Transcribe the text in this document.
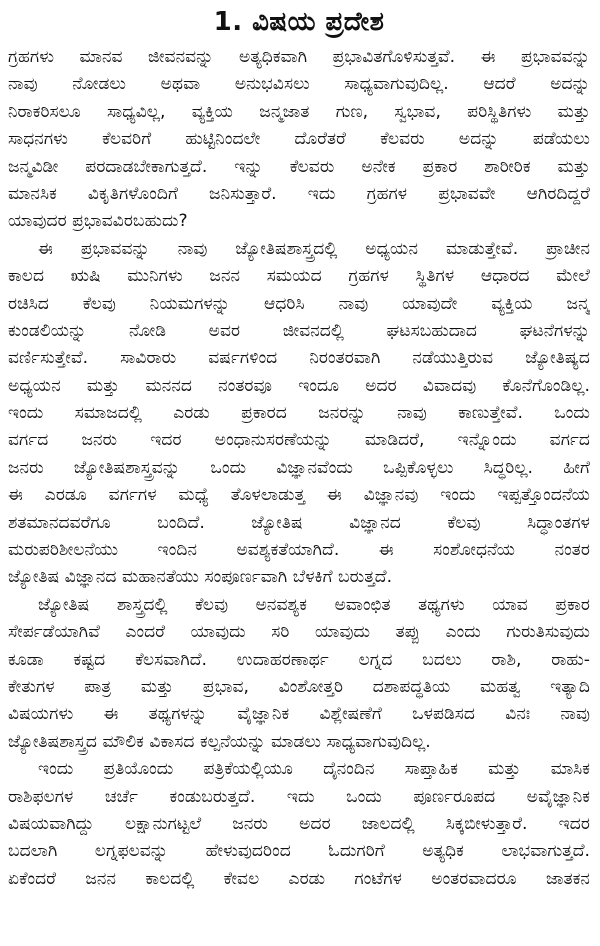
1. ವಿಷಯ ಪ್ರದೇಶ
ಗ್ರಹಗಳು ಮಾನವ ಜೀವನವನ್ನು ಅತ್ಯಧಿಕವಾಗಿ ಪ್ರಭಾವಿತಗೊಳಿಸುತ್ತವೆ. ಈ ಪ್ರಭಾವವನ್ನು
ನಾವು ನೋಡಲು ಅಥವಾ ಅನುಭವಿಸಲು ಸಾಧ್ಯವಾಗುವುದಿಲ್ಲ. ಆದರೆ ಅದನ್ನು
ನಿರಾಕರಿಸಲೂ ಸಾಧ್ಯವಿಲ್ಲ, ವ್ಯಕ್ತಿಯ ಜನ್ಮಜಾತ ಗುಣ, ಸ್ವಭಾವ, ಪರಿಸ್ಥಿತಿಗಳು ಮತ್ತು
ಸಾಧನಗಳು ಕೆಲವರಿಗೆ ಹುಟ್ಟಿನಿಂದಲೇ ದೊರೆತರೆ ಕೆಲವರು ಅದನ್ನು ಪಡೆಯಲು
ಜನ್ಮವಿಡೀ ಪರದಾಡಬೇಕಾಗುತ್ತದೆ. ಇನ್ನು ಕೆಲವರು ಅನೇಕ ಪ್ರಕಾರ ಶಾರೀರಿಕ ಮತ್ತು
ಮಾನಸಿಕ ವಿಕೃತಿಗಳೊಂದಿಗೆ ಜನಿಸುತ್ತಾರೆ. ಇದು ಗ್ರಹಗಳ ಪ್ರಭಾವವೇ ಆಗಿರದಿದ್ದರೆ
ಯಾವುದರ ಪ್ರಭಾವವಿರಬಹುದು?
ಈ ಪ್ರಭಾವವನ್ನು ನಾವು ಜ್ಯೋತಿಷಶಾಸ್ತ್ರದಲ್ಲಿ ಅಧ್ಯಯನ ಮಾಡುತ್ತೇವೆ. ಪ್ರಾಚೀನ
ಕಾಲದ ಋಷಿ ಮುನಿಗಳು ಜನನ ಸಮಯದ ಗ್ರಹಗಳ ಸ್ಥಿತಿಗಳ ಆಧಾರದ ಮೇಲೆ
ರಚಿಸಿದ ಕೆಲವು ನಿಯಮಗಳನ್ನು ಆಧರಿಸಿ ನಾವು ಯಾವುದೇ ವ್ಯಕ್ತಿಯ ಜನ್ಮ
ಕುಂಡಲಿಯನ್ನು ನೋಡಿ ಅವರ ಜೀವನದಲ್ಲಿ ಘಟಸಬಹುದಾದ ಘಟನೆಗಳನ್ನು
ವರ್ಣಿಸುತ್ತೇವೆ. ಸಾವಿರಾರು ವರ್ಷಗಳಿಂದ ನಿರಂತರವಾಗಿ ನಡೆಯುತ್ತಿರುವ ಜ್ಯೋತಿಷ್ಯದ
ಅಧ್ಯಯನ ಮತ್ತು ಮನನದ ನಂತರವೂ ಇಂದೂ ಅದರ ವಿವಾದವು ಕೊನೆಗೊಂಡಿಲ್ಲ.
ಇಂದು ಸಮಾಜದಲ್ಲಿ ಎರಡು ಪ್ರಕಾರದ ಜನರನ್ನು ನಾವು ಕಾಣುತ್ತೇವೆ. ಒಂದು
ವರ್ಗದ ಜನರು ಇದರ ಅಂಧಾನುಸರಣೆಯನ್ನು ಮಾಡಿದರೆ, ಇನ್ನೊಂದು ವರ್ಗದ
ಜನರು ಜ್ಯೋತಿಷಶಾಸ್ತ್ರವನ್ನು ಒಂದು ವಿಜ್ಞಾನವೆಂದು ಒಪ್ಪಿಕೊಳ್ಳಲು ಸಿದ್ಧರಿಲ್ಲ. ಹೀಗೆ
ಈ ಎರಡೂ ವರ್ಗಗಳ ಮಧ್ಯೆ ತೊಳಲಾಡುತ್ತ ಈ ವಿಜ್ಞಾನವು ಇಂದು ಇಪ್ಪತ್ತೊಂದನೆಯ
ಶತಮಾನದವರೆಗೂ ಬಂದಿದೆ. ಜ್ಯೋತಿಷ ವಿಜ್ಞಾನದ ಕೆಲವು ಸಿದ್ಧಾಂತಗಳ
ಮರುಪರಿಶೀಲನೆಯು ಇಂದಿನ ಅವಶ್ಯಕತೆಯಾಗಿದೆ. ಈ ಸಂಶೋಧನೆಯ ನಂತರ
ಜ್ಯೋತಿಷ ವಿಜ್ಞಾನದ ಮಹಾನತೆಯು ಸಂಪೂರ್ಣವಾಗಿ ಬೆಳಕಿಗೆ ಬರುತ್ತದೆ.
ಜ್ಯೋತಿಷ ಶಾಸ್ತ್ರದಲ್ಲಿ ಕೆಲವು ಅನವಶ್ಯಕ ಅವಾಂಛಿತ ತಥ್ಯಗಳು ಯಾವ ಪ್ರಕಾರ
ಸೇರ್ಪಡೆಯಾಗಿವೆ ಎಂದರೆ ಯಾವುದು ಸರಿ ಯಾವುದು ತಪ್ಪು ಎಂದು ಗುರುತಿಸುವುದು
ಕೂಡಾ ಕಷ್ಟದ ಕೆಲಸವಾಗಿದೆ. ಉದಾಹರಣಾರ್ಥ ಲಗ್ನದ ಬದಲು ರಾಶಿ, ರಾಹು-
ಕೇತುಗಳ ಪಾತ್ರ ಮತ್ತು ಪ್ರಭಾವ, ವಿಂಶೋತ್ತರಿ ದಶಾಪದ್ಧತಿಯ ಮಹತ್ವ ಇತ್ಯಾದಿ
ವಿಷಯಗಳು ಈ ತಥ್ಯಗಳನ್ನು ವೈಜ್ಞಾನಿಕ ವಿಶ್ಲೇಷಣೆಗೆ ಒಳಪಡಿಸದ ವಿನಃ ನಾವು
ಜ್ಯೋತಿಷಶಾಸ್ತ್ರದ ಮೌಲಿಕ ವಿಕಾಸದ ಕಲ್ಪನೆಯನ್ನು ಮಾಡಲು ಸಾಧ್ಯವಾಗುವುದಿಲ್ಲ.
ಇಂದು ಪ್ರತಿಯೊಂದು ಪತ್ರಿಕೆಯಲ್ಲಿಯೂ ದೈನಂದಿನ ಸಾಪ್ತಾಹಿಕ ಮತ್ತು ಮಾಸಿಕ
ರಾಶಿಫಲಗಳ ಚರ್ಚೆ ಕಂಡುಬರುತ್ತದೆ. ಇದು ಒಂದು ಪೂರ್ಣರೂಪದ ಅವೈಜ್ಞಾನಿಕ
ವಿಷಯವಾಗಿದ್ದು ಲಕ್ಷಾನುಗಟ್ಟಲೆ ಜನರು ಅದರ ಜಾಲದಲ್ಲಿ ಸಿಕ್ಕಬೀಳುತ್ತಾರೆ. ಇದರ
ಬದಲಾಗಿ ಲಗ್ನಫಲವನ್ನು ಹೇಳುವುದರಿಂದ ಓದುಗರಿಗೆ ಅತ್ಯಧಿಕ ಲಾಭವಾಗುತ್ತದೆ.
ಏಕೆಂದರೆ ಜನನ ಕಾಲದಲ್ಲಿ ಕೇವಲ ಎರಡು ಗಂಟೆಗಳ ಅಂತರವಾದರೂ ಜಾತಕನ
